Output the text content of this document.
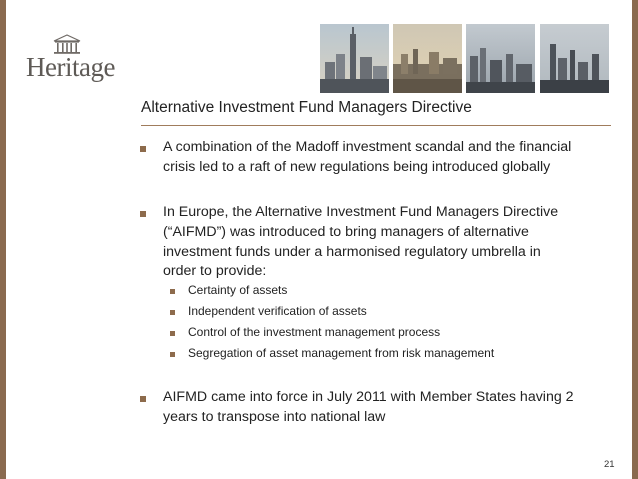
Heritage
Alternative Investment Fund Managers Directive
A combination of the Madoff investment scandal and the financial
crisis led to a raft of new regulations being introduced globally
In Europe, the Alternative Investment Fund Managers Directive
(“AIFMD”) was introduced to bring managers of alternative
investment funds under a harmonised regulatory umbrella in
order to provide:
Certainty of assets
Independent verification of assets
Control of the investment management process
Segregation of asset management from risk management
AIFMD came into force in July 2011 with Member States having 2
years to transpose into national law
21
